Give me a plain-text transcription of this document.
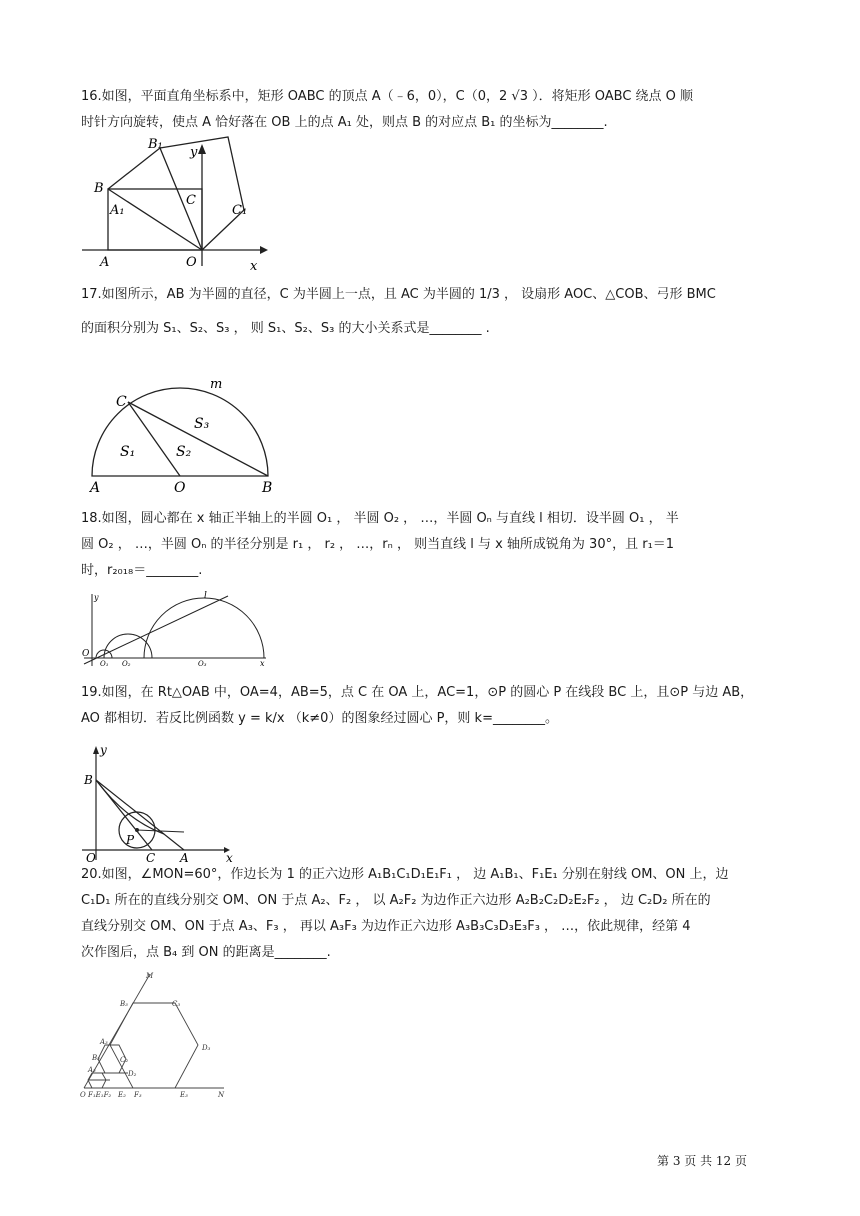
16.如图，平面直角坐标系中，矩形 OABC 的顶点 A（﹣6，0），C（0，2 √3 ）．将矩形 OABC 绕点 O 顺

时针方向旋转，使点 A 恰好落在 OB 上的点 A₁ 处，则点 B 的对应点 B₁ 的坐标为________.

B₁
y
B
A₁
C
C₁
A	O	x

17.如图所示，AB 为半圆的直径，C 为半圆上一点，且 AC 为半圆的 1/3 ， 设扇形 AOC、△COB、弓形 BMC

的面积分别为 S₁、S₂、S₃ ， 则 S₁、S₂、S₃ 的大小关系式是________ .

m
C
S₃
S₁	S₂
A	O	B

18.如图，圆心都在 x 轴正半轴上的半圆 O₁ ， 半圆 O₂ ， …，半圆 Oₙ 与直线 l 相切．设半圆 O₁ ， 半

圆 O₂ ， …，半圆 Oₙ 的半径分别是 r₁ ， r₂ ， …，rₙ ， 则当直线 l 与 x 轴所成锐角为 30°，且 r₁＝1

时，r₂₀₁₈＝________.

y	l
O
O₁ O₂	O₃	x

19.如图，在 Rt△OAB 中，OA=4，AB=5，点 C 在 OA 上，AC=1，⊙P 的圆心 P 在线段 BC 上，且⊙P 与边 AB，

AO 都相切．若反比例函数 y = k/x （k≠0）的图象经过圆心 P，则 k=________。

y
B
P
O	C A	x

20.如图，∠MON=60°，作边长为 1 的正六边形 A₁B₁C₁D₁E₁F₁ ， 边 A₁B₁、F₁E₁ 分别在射线 OM、ON 上，边

C₁D₁ 所在的直线分别交 OM、ON 于点 A₂、F₂ ， 以 A₂F₂ 为边作正六边形 A₂B₂C₂D₂E₂F₂ ， 边 C₂D₂ 所在的

直线分别交 OM、ON 于点 A₃、F₃ ， 再以 A₃F₃ 为边作正六边形 A₃B₃C₃D₃E₃F₃ ， …，依此规律，经第 4

次作图后，点 B₄ 到 ON 的距离是________.

M
B₃	C₃
D₃
A₃
B₂	C₂
A₂	D₂
O F₁E₁F₂ E₂ F₃	E₃	N
第 3 页 共 12 页
